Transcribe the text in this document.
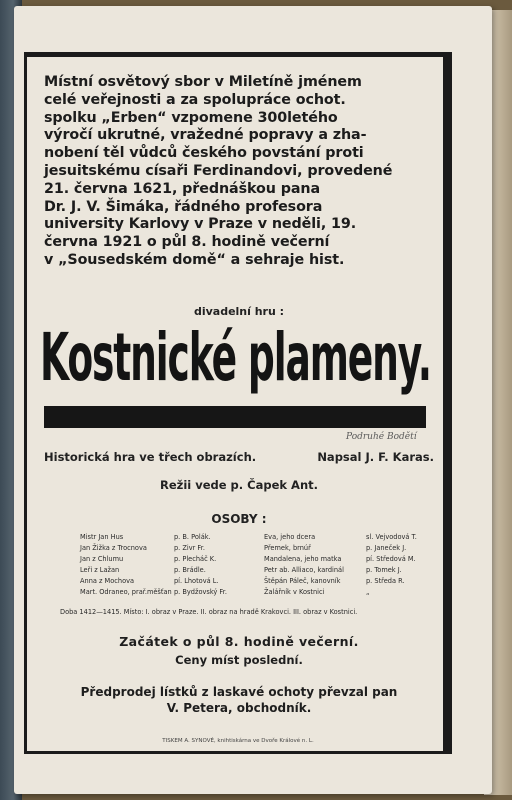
Místní osvětový sbor v Miletíně jménem
celé veřejnosti a za spolupráce ochot.
spolku „Erben“ vzpomene 300letého
výročí ukrutné, vražedné popravy a zha-
nobení těl vůdců českého povstání proti
jesuitskému císaři Ferdinandovi, provedené
21. června 1621, přednáškou pana
Dr. J. V. Šimáka, řádného profesora
university Karlovy v Praze v neděli, 19.
června 1921 o půl 8. hodině večerní
v „Sousedském domě“ a sehraje hist.
divadelní hru :
Kostnické plameny.
Podruhé Bodětí
Historická hra ve třech obrazích.	Napsal J. F. Karas.
Režii vede p. Čapek Ant.
OSOBY :
Mistr Jan Hus	p. B. Polák.	Eva, jeho dcera	sl. Vejvodová T.
Jan Žižka z Trocnova	p. Zivr Fr.	Přemek, brnúř	p. Janeček J.
Jan z Chlumu	p. Plecháč K.	Mandalena, jeho matka	pí. Středová M.
Leři z Lažan	p. Brádle.	Petr ab. Alliaco, kardinál	p. Tomek J.
Anna z Mochova	pí. Lhotová L.	Štěpán Páleč, kanovník	p. Středa R.
Mart. Odraneo, prař.měšťan p. Bydžovský Fr.	Žalářník v Kostnici	„
Doba 1412—1415. Místo: I. obraz v Praze. II. obraz na hradě Krakovci. III. obraz v Kostnici.
Začátek o půl 8. hodině večerní.
Ceny míst poslední.
Předprodej lístků z laskavé ochoty převzal pan
V. Petera, obchodník.
TISKEM A. SYNOVÉ, knihtiskárna ve Dvoře Králové n. L.
